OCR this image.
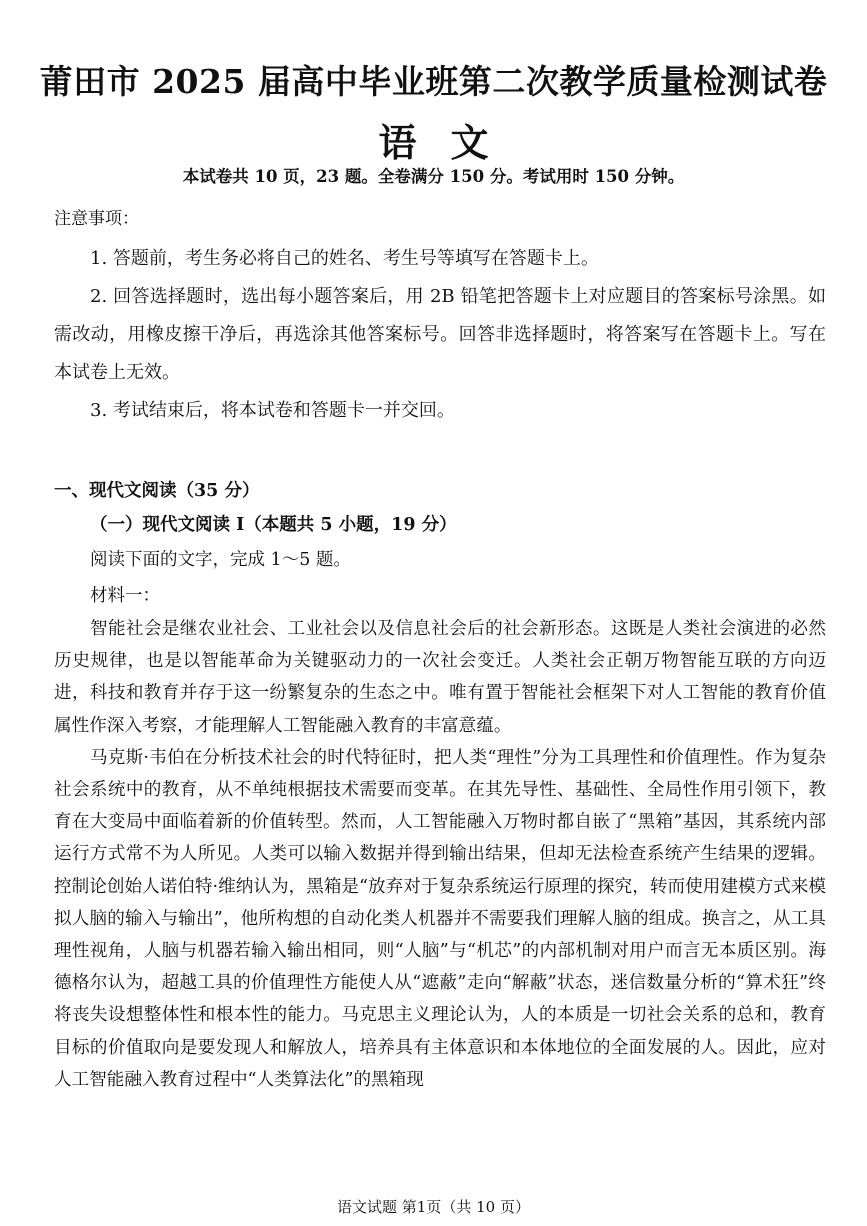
莆田市 2025 届高中毕业班第二次教学质量检测试卷
语文
本试卷共 10 页，23 题。全卷满分 150 分。考试用时 150 分钟。
注意事项：
1. 答题前，考生务必将自己的姓名、考生号等填写在答题卡上。
2. 回答选择题时，选出每小题答案后，用 2B 铅笔把答题卡上对应题目的答案标号涂黑。如需改动，用橡皮擦干净后，再选涂其他答案标号。回答非选择题时，将答案写在答题卡上。写在本试卷上无效。
3. 考试结束后，将本试卷和答题卡一并交回。
一、现代文阅读（35 分）
（一）现代文阅读 I（本题共 5 小题，19 分）
阅读下面的文字，完成 1～5 题。
材料一：

智能社会是继农业社会、工业社会以及信息社会后的社会新形态。这既是人类社会演进的必然历史规律，也是以智能革命为关键驱动力的一次社会变迁。人类社会正朝万物智能互联的方向迈进，科技和教育并存于这一纷繁复杂的生态之中。唯有置于智能社会框架下对人工智能的教育价值属性作深入考察，才能理解人工智能融入教育的丰富意蕴。

马克斯·韦伯在分析技术社会的时代特征时，把人类“理性”分为工具理性和价值理性。作为复杂社会系统中的教育，从不单纯根据技术需要而变革。在其先导性、基础性、全局性作用引领下，教育在大变局中面临着新的价值转型。然而，人工智能融入万物时都自嵌了“黑箱”基因，其系统内部运行方式常不为人所见。人类可以输入数据并得到输出结果，但却无法检查系统产生结果的逻辑。控制论创始人诺伯特·维纳认为，黑箱是“放弃对于复杂系统运行原理的探究，转而使用建模方式来模拟人脑的输入与输出”，他所构想的自动化类人机器并不需要我们理解人脑的组成。换言之，从工具理性视角，人脑与机器若输入输出相同，则“人脑”与“机芯”的内部机制对用户而言无本质区别。海德格尔认为，超越工具的价值理性方能使人从“遮蔽”走向“解蔽”状态，迷信数量分析的“算术狂”终将丧失设想整体性和根本性的能力。马克思主义理论认为，人的本质是一切社会关系的总和，教育目标的价值取向是要发现人和解放人，培养具有主体意识和本体地位的全面发展的人。因此，应对人工智能融入教育过程中“人类算法化”的黑箱现

语文试题 第1页（共 10 页）
